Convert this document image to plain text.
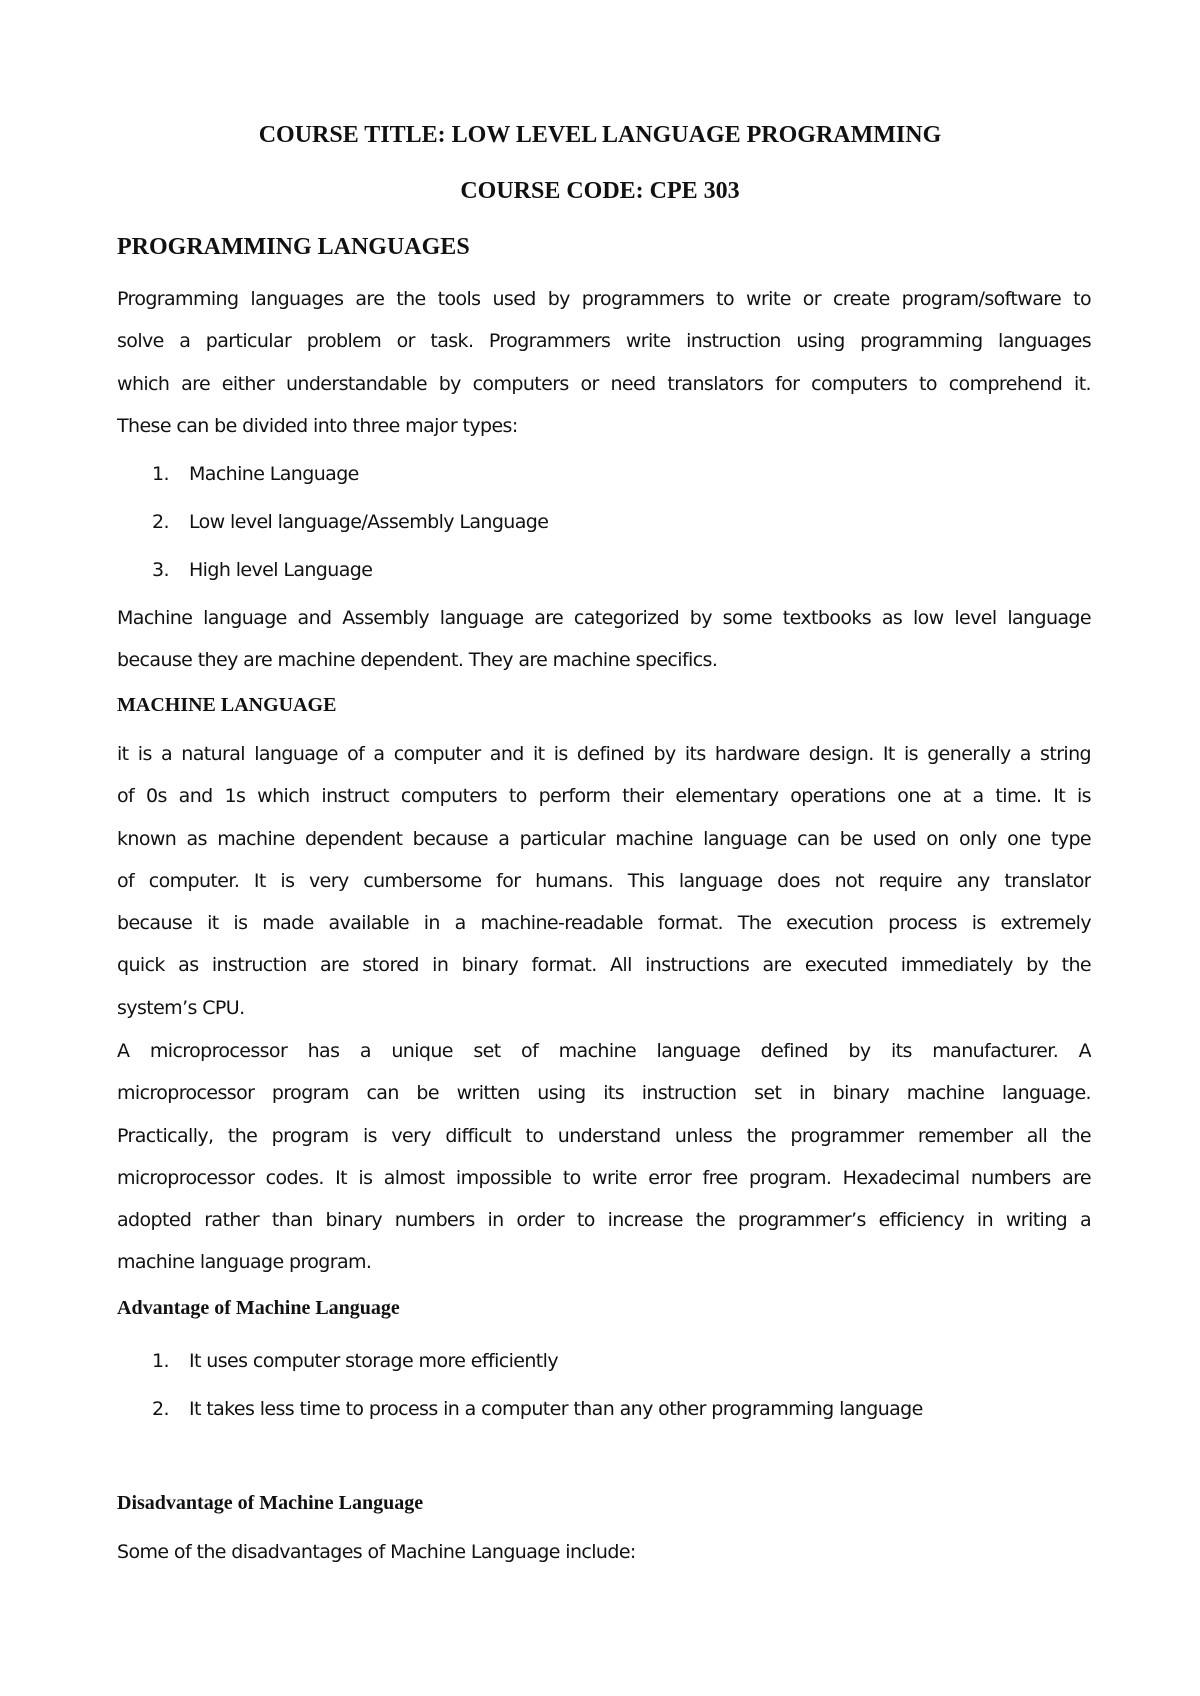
COURSE TITLE: LOW LEVEL LANGUAGE PROGRAMMING
COURSE CODE: CPE 303
PROGRAMMING LANGUAGES
Programming languages are the tools used by programmers to write or create program/software to
solve a particular problem or task. Programmers write instruction using programming languages
which are either understandable by computers or need translators for computers to comprehend it.
These can be divided into three major types:
1. Machine Language
2. Low level language/Assembly Language
3. High level Language
Machine language and Assembly language are categorized by some textbooks as low level language
because they are machine dependent. They are machine specifics.
MACHINE LANGUAGE
it is a natural language of a computer and it is defined by its hardware design. It is generally a string
of 0s and 1s which instruct computers to perform their elementary operations one at a time. It is
known as machine dependent because a particular machine language can be used on only one type
of computer. It is very cumbersome for humans. This language does not require any translator
because it is made available in a machine-readable format. The execution process is extremely
quick as instruction are stored in binary format. All instructions are executed immediately by the
system’s CPU.
A microprocessor has a unique set of machine language defined by its manufacturer. A
microprocessor program can be written using its instruction set in binary machine language.
Practically, the program is very difficult to understand unless the programmer remember all the
microprocessor codes. It is almost impossible to write error free program. Hexadecimal numbers are
adopted rather than binary numbers in order to increase the programmer’s efficiency in writing a
machine language program.
Advantage of Machine Language
1. It uses computer storage more efficiently
2. It takes less time to process in a computer than any other programming language
Disadvantage of Machine Language
Some of the disadvantages of Machine Language include:
